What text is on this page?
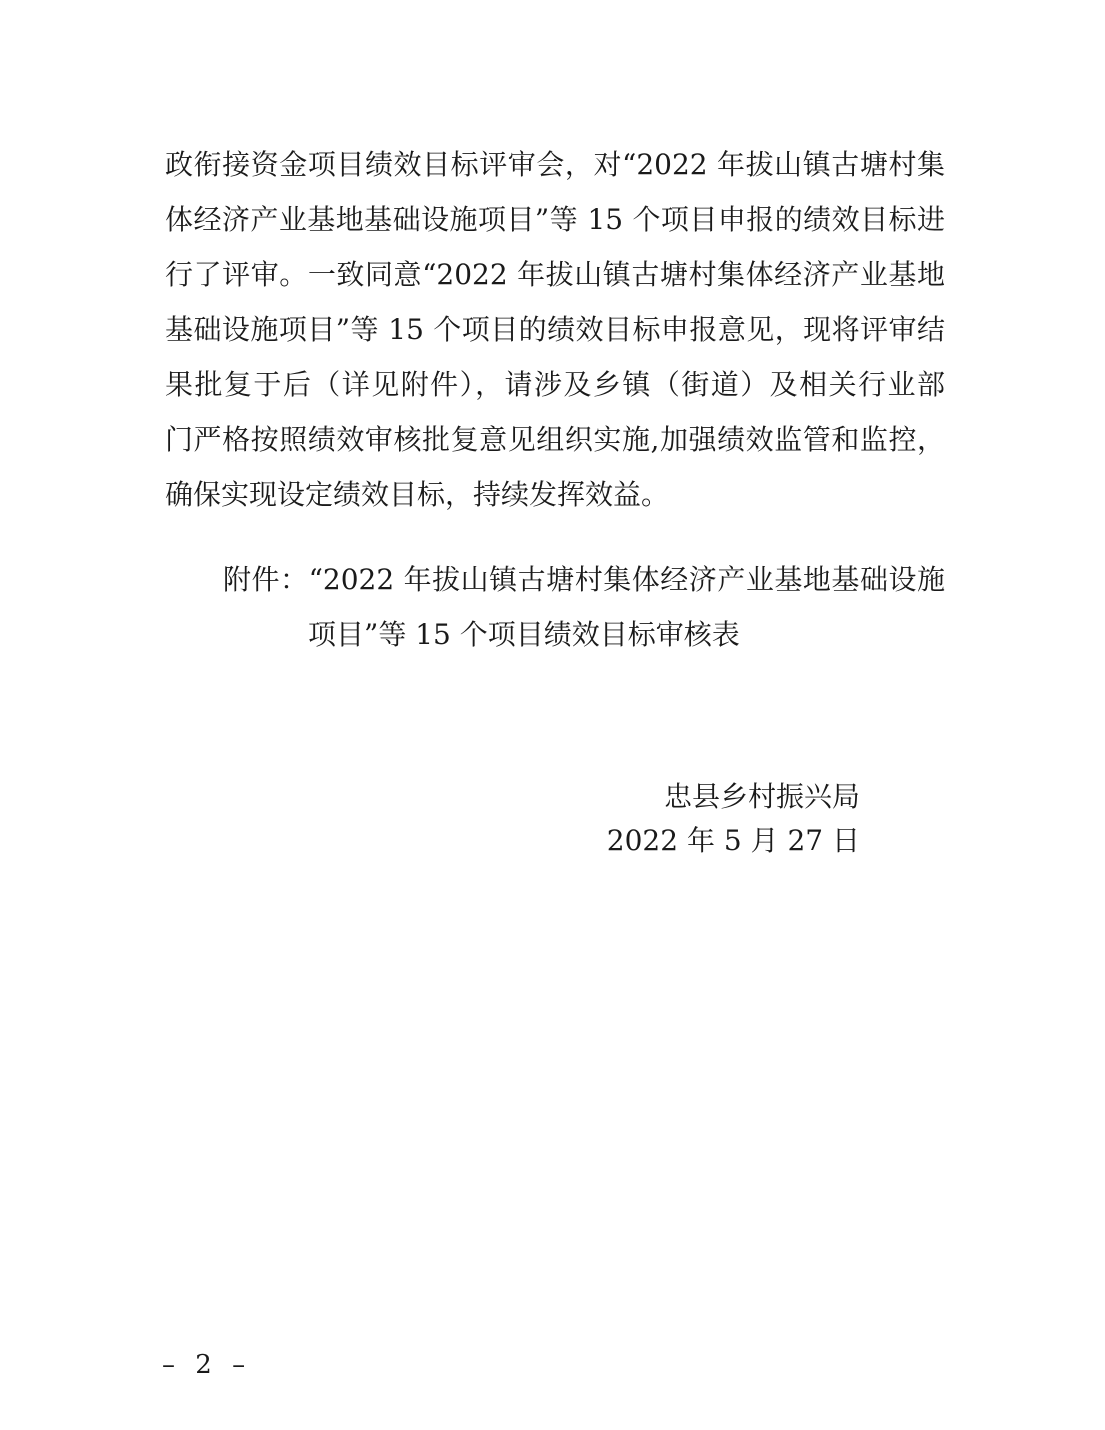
政衔接资金项目绩效目标评审会，对“2022 年拔山镇古塘村集
体经济产业基地基础设施项目”等 15 个项目申报的绩效目标进
行了评审。一致同意“2022 年拔山镇古塘村集体经济产业基地
基础设施项目”等 15 个项目的绩效目标申报意见，现将评审结
果批复于后（详见附件），请涉及乡镇（街道）及相关行业部
门严格按照绩效审核批复意见组织实施,加强绩效监管和监控，
确保实现设定绩效目标，持续发挥效益。
附件：“2022 年拔山镇古塘村集体经济产业基地基础设施
项目”等 15 个项目绩效目标审核表
忠县乡村振兴局
2022 年 5 月 27 日
– 2 –
